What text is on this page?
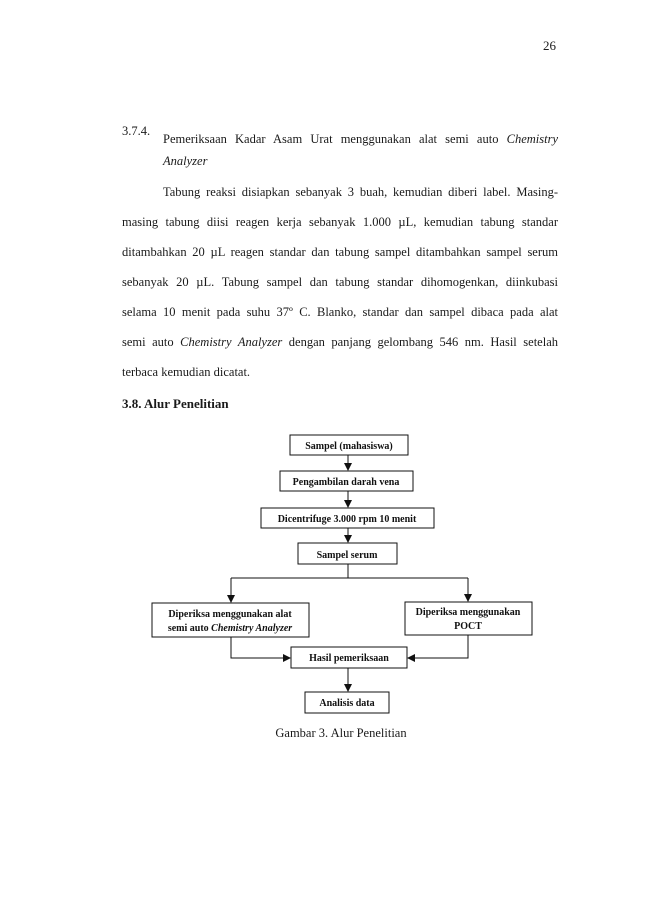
26
3.7.4.
Pemeriksaan Kadar Asam Urat menggunakan alat semi auto Chemistry
Analyzer
Tabung reaksi disiapkan sebanyak 3 buah, kemudian diberi label. Masing-
masing tabung diisi reagen kerja sebanyak 1.000 µL, kemudian tabung standar
ditambahkan 20 µL reagen standar dan tabung sampel ditambahkan sampel serum
sebanyak 20 µL. Tabung sampel dan tabung standar dihomogenkan, diinkubasi
selama 10 menit pada suhu 37º C. Blanko, standar dan sampel dibaca pada alat
semi auto Chemistry Analyzer dengan panjang gelombang 546 nm. Hasil setelah
terbaca kemudian dicatat.
3.8. Alur Penelitian
Sampel (mahasiswa)
Pengambilan darah vena
Dicentrifuge 3.000 rpm 10 menit
Sampel serum
Diperiksa menggunakan alat
semi auto Chemistry Analyzer
Diperiksa menggunakan
POCT
Hasil pemeriksaan
Analisis data
Gambar 3. Alur Penelitian
